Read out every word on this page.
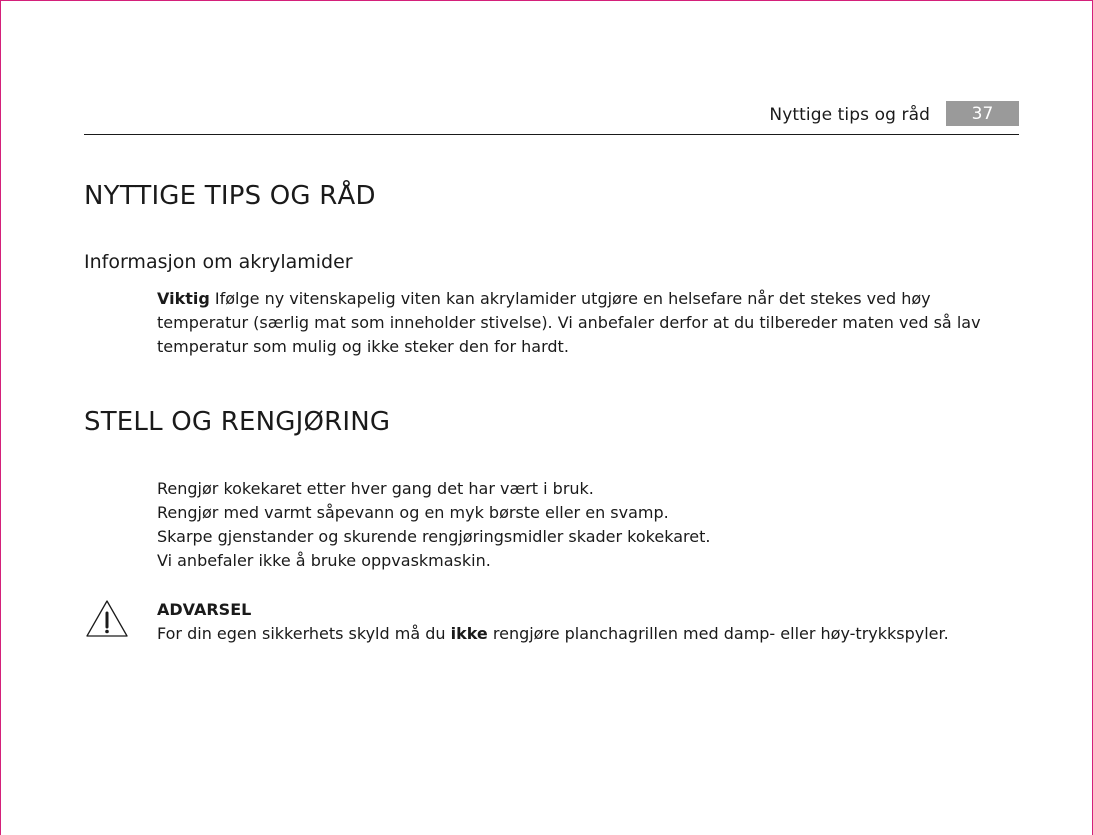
Nyttige tips og råd	37
NYTTIGE TIPS OG RÅD
Informasjon om akrylamider

Viktig Ifølge ny vitenskapelig viten kan akrylamider utgjøre en helsefare når det stekes ved høy temperatur (særlig mat som inneholder stivelse). Vi anbefaler derfor at du tilbereder maten ved så lav temperatur som mulig og ikke steker den for hardt.

STELL OG RENGJØRING
Rengjør kokekaret etter hver gang det har vært i bruk.
Rengjør med varmt såpevann og en myk børste eller en svamp.
Skarpe gjenstander og skurende rengjøringsmidler skader kokekaret.
Vi anbefaler ikke å bruke oppvaskmaskin.

ADVARSEL

For din egen sikkerhets skyld må du ikke rengjøre planchagrillen med damp- eller høy-trykkspyler.
